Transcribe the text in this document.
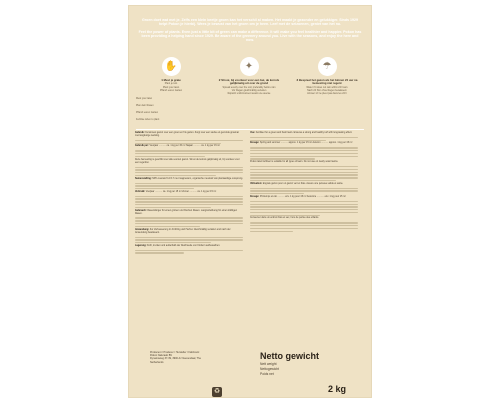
Groen doet wat met je. Zelfs een klein beetje groen kan het verschil al maken. Het maakt je gezonder en gelukkiger. Sinds 1929 helpt Pokon je hierbij. Wees je bewust van het groen om je heen. Leef met de seizoenen, geniet van het nu.

Feel the power of plants. Even just a little bit of green can make a difference. It will make you feel healthier and happier. Pokon has been providing a helping hand since 1929. Be aware of the greenery around you. Live with the seasons, and enjoy the here and now.

✋
1 Mest je grate
Plant je tuin
Plant your lawn
Pflanzt euren Garten
✦
2 Strooi, bij voorkeur voor een bui, de korrels gelijkmatig uit over de grond
Spread evenly over the soil, preferably before rain
Vor Regen gleichmäßig verteilen
Répartir uniformément avant une averse
☂
3 Bespreel het gazon als het binnen 24 uur na bemesting niet regent
Water if it does not rain within 24 hours
Nach 24 Std. ohne Regen bewässern
Arroser s'il ne pleut pas dans les 24 h
Mest your lawn
Plan dein Rasen
Pflanzt euren Garten
Fertilise when to plant

Gebruik: Kunstmest gazon voor een groen en fris gazon. Zorgt voor een sterke en gezonde grasmat met langdurige werking.

Gebruik per: Voorjaar ........... ca. 1 kg per 15 m² Najaar ........... ca. 1 kg per 15 m²

Deze bemesting is geschikt voor alle soorten gazon. Strooi de korrels gelijkmatig uit, bij voorkeur voor een regenbui.

Samenstelling: NPK-meststof 14-5-7 met magnesium, organische meststof van plantaardige oorsprong.

Verbruik: Voorjaar ........... ca. 1 kg per 15 m² Zomer ........... ca. 1 kg per 15 m²

Gebrauch: Rasendünger für einen grünen und frischen Rasen. Langzeitwirkung für einen kräftigen Rasen.

Anwendung: Zur Verbesserung im Frühling und Herbst. Gleichmäßig verteilen und nach der Anwendung bewässern.

Lagerung: Kühl, trocken und außerhalb der Reichweite von Kindern aufbewahren.

Use: Fertiliser for a green and fresh lawn. Ensures a strong and healthy turf with long-lasting effect.

Dosage: Spring and summer ........... approx. 1 kg per 15 m² Autumn ........... approx. 1 kg per 15 m²

Pokon lawn fertiliser is suitable for all types of lawn. Do not use on newly sown lawns.

Utilisation: Engrais gazon pour un gazon vert et frais. Assure une pelouse solide et saine.

Dosage: Printemps et été ........... env. 1 kg pour 15 m² Automne ........... env. 1 kg pour 15 m²

Conserver dans un endroit frais et sec, hors de portée des enfants.

Producent / Producer / Hersteller / Fabricant:
Pokon Naturado BV
Dynamoweg 37-39, 3900 AJ Veenendaal, The Netherlands
♻
Netto gewicht
Nett weight
Nettogewicht
Poids net
2 kg
